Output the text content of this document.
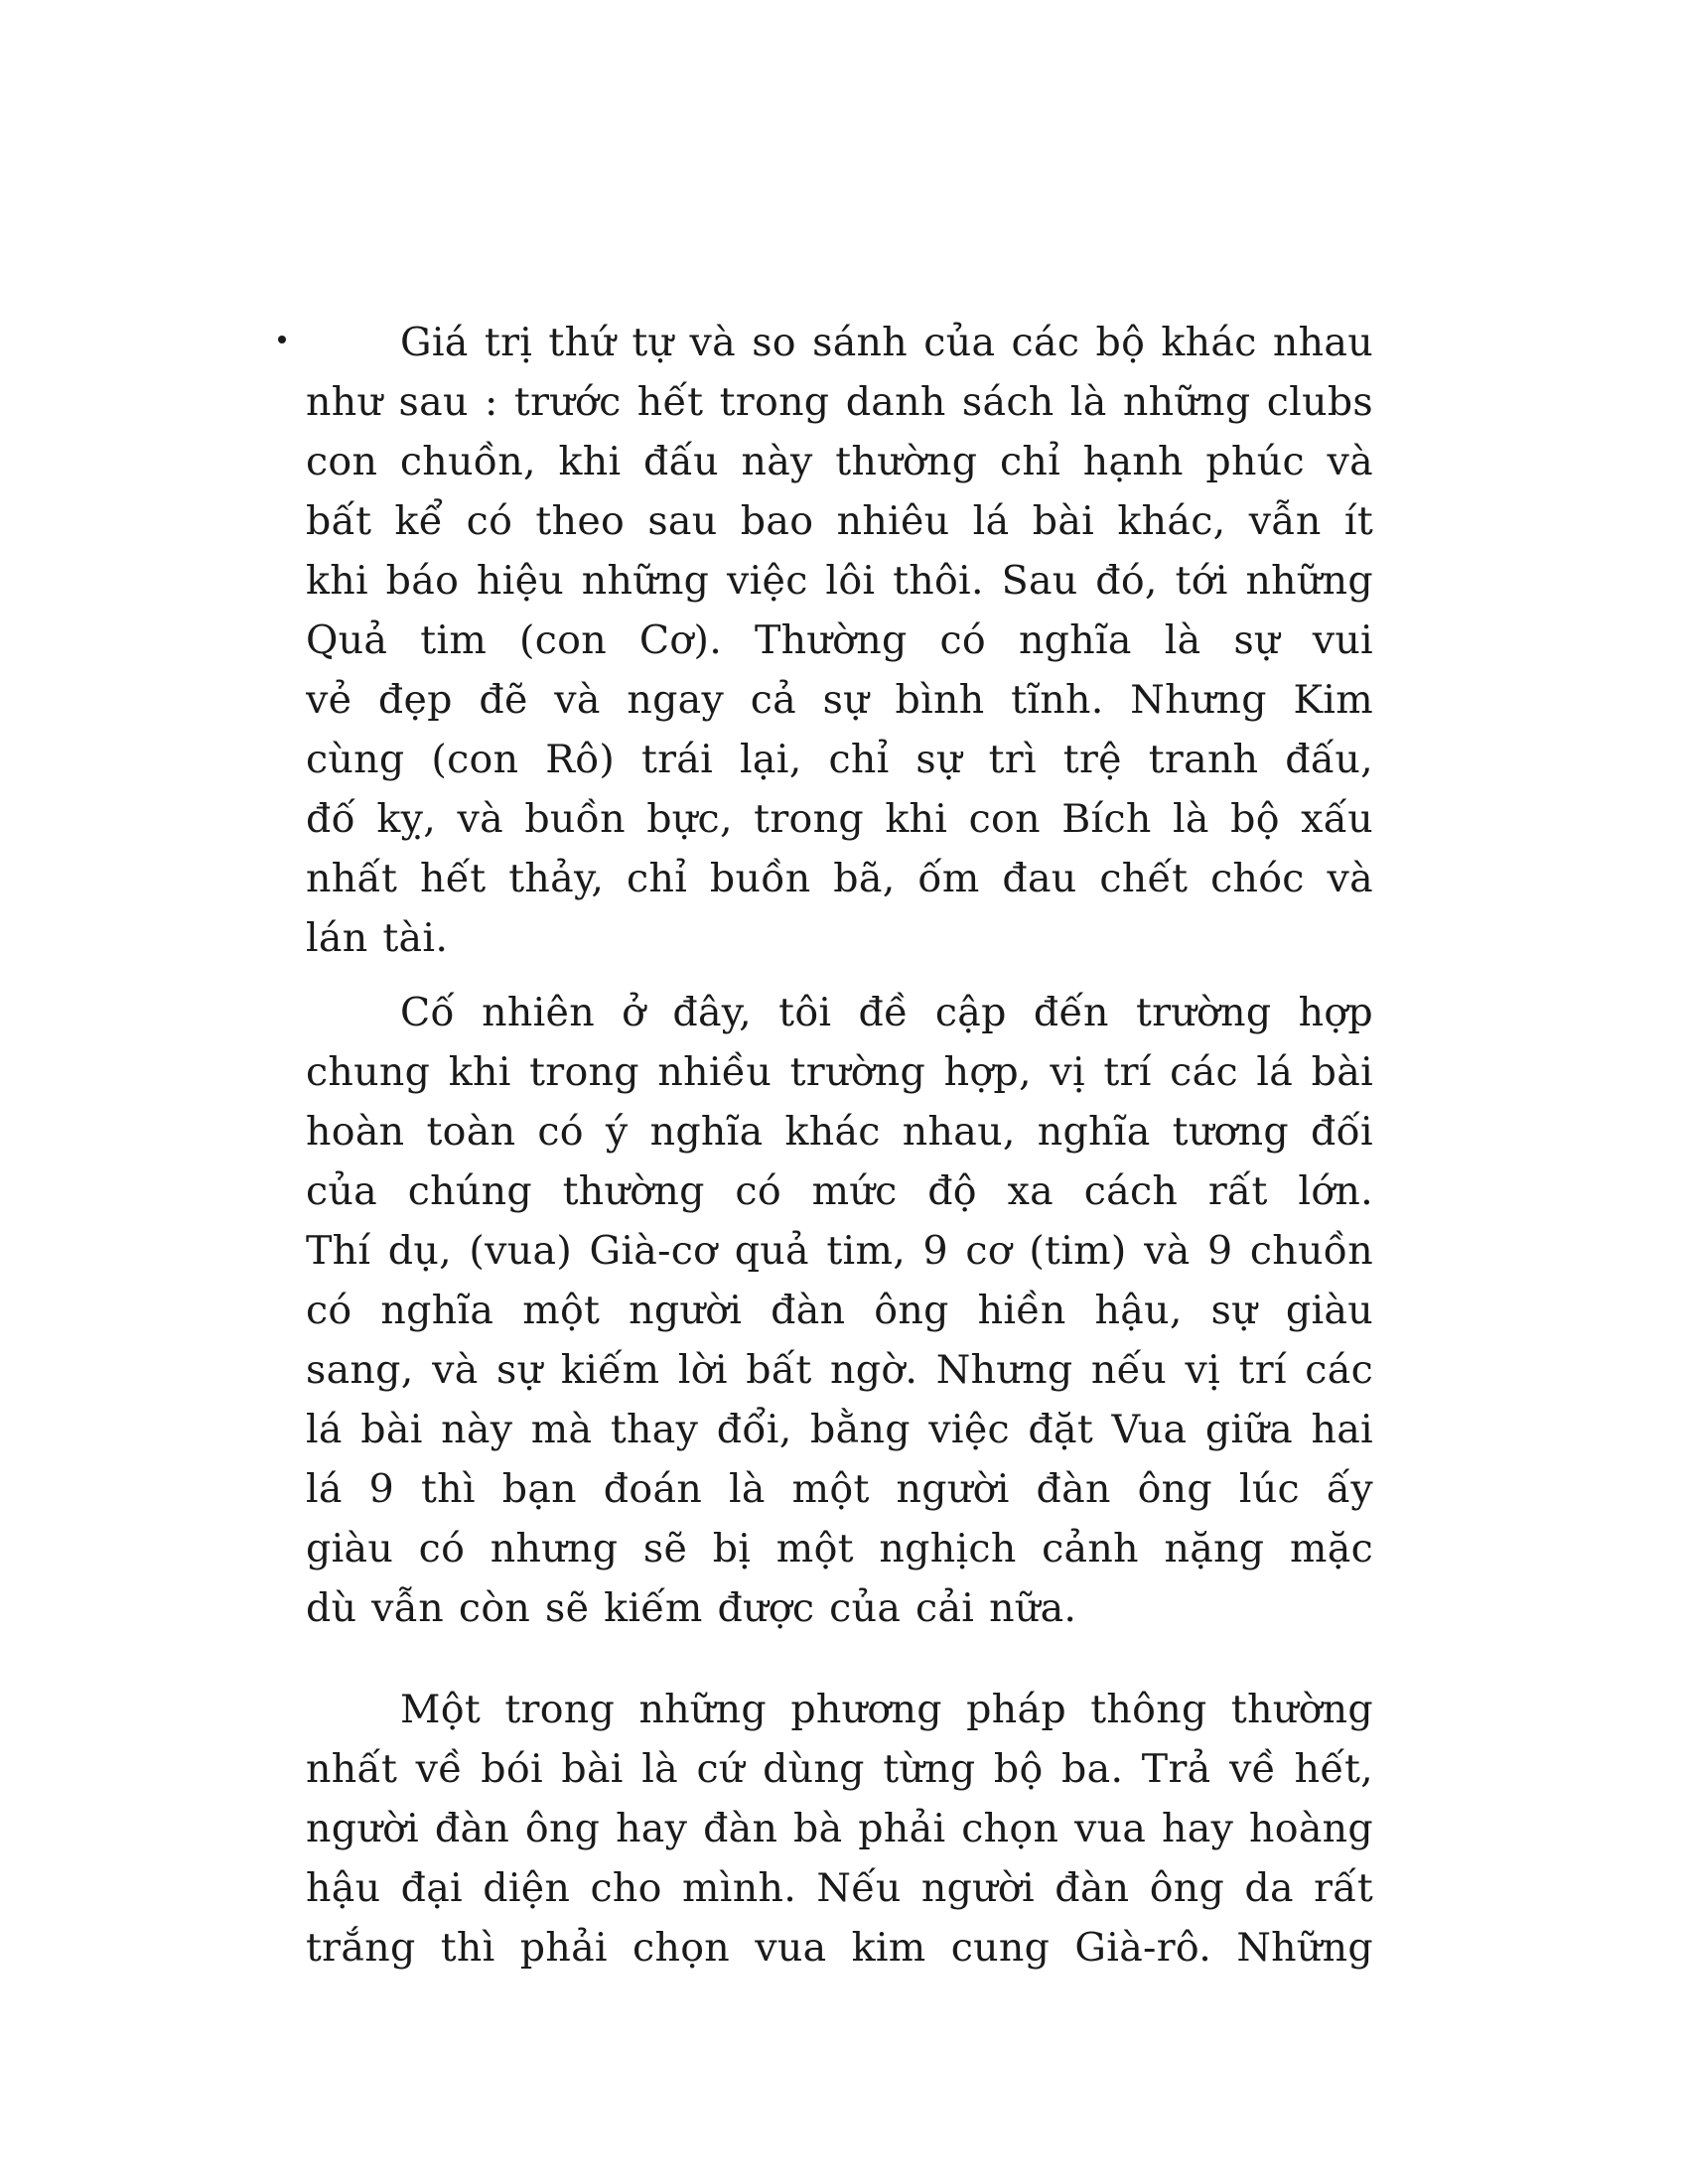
Giá trị thứ tự và so sánh của các bộ khác nhau
như sau : trước hết trong danh sách là những clubs
con chuồn, khi đấu này thường chỉ hạnh phúc và
bất kể có theo sau bao nhiêu lá bài khác, vẫn ít
khi báo hiệu những việc lôi thôi. Sau đó, tới những
Quả tim (con Cơ). Thường có nghĩa là sự vui
vẻ đẹp đẽ và ngay cả sự bình tĩnh. Nhưng Kim
cùng (con Rô) trái lại, chỉ sự trì trệ tranh đấu,
đố kỵ, và buồn bực, trong khi con Bích là bộ xấu
nhất hết thảy, chỉ buồn bã, ốm đau chết chóc và
lán tài.
Cố nhiên ở đây, tôi đề cập đến trường hợp
chung khi trong nhiều trường hợp, vị trí các lá bài
hoàn toàn có ý nghĩa khác nhau, nghĩa tương đối
của chúng thường có mức độ xa cách rất lớn.
Thí dụ, (vua) Già-cơ quả tim, 9 cơ (tim) và 9 chuồn
có nghĩa một người đàn ông hiền hậu, sự giàu
sang, và sự kiếm lời bất ngờ. Nhưng nếu vị trí các
lá bài này mà thay đổi, bằng việc đặt Vua giữa hai
lá 9 thì bạn đoán là một người đàn ông lúc ấy
giàu có nhưng sẽ bị một nghịch cảnh nặng mặc
dù vẫn còn sẽ kiếm được của cải nữa.
Một trong những phương pháp thông thường
nhất về bói bài là cứ dùng từng bộ ba. Trả về hết,
người đàn ông hay đàn bà phải chọn vua hay hoàng
hậu đại diện cho mình. Nếu người đàn ông da rất
trắng thì phải chọn vua kim cung Già-rô. Những
